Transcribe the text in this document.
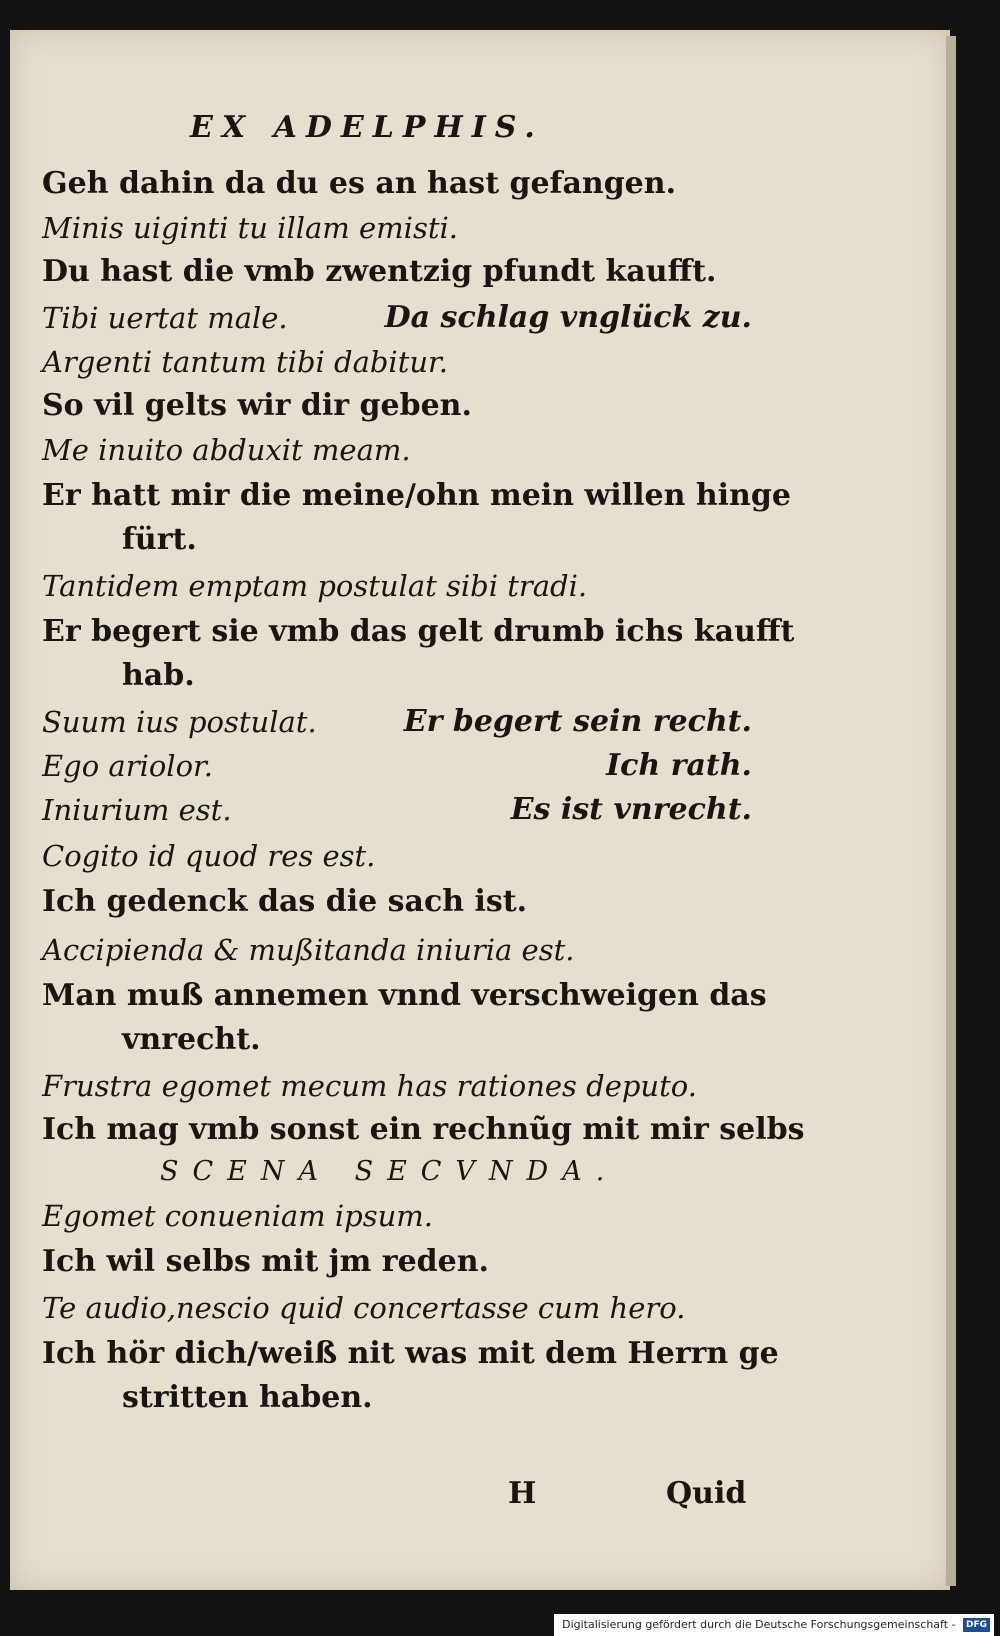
EX ADELPHIS.
Geh dahin da du es an hast gefangen.
Minis uiginti tu illam emisti.
Du hast die vmb zwentzig pfundt kaufft.
Tibi uertat male.	Da schlag vnglück zu.
Argenti tantum tibi dabitur.
So vil gelts wir dir geben.
Me inuito abduxit meam.
Er hatt mir die meine/ohn mein willen hinge
fürt.
Tantidem emptam postulat sibi tradi.
Er begert sie vmb das gelt drumb ichs kaufft
hab.
Suum ius postulat.	Er begert sein recht.
Ego ariolor.	Ich rath.
Iniurium est.	Es ist vnrecht.
Cogito id quod res est.
Ich gedenck das die sach ist.
Accipienda & mußitanda iniuria est.
Man muß annemen vnnd verschweigen das
vnrecht.
Frustra egomet mecum has rationes deputo.
Ich mag vmb sonst ein rechnũg mit mir selbs
SCENA SECVNDA.
Egomet conueniam ipsum.
Ich wil selbs mit jm reden.
Te audio,nescio quid concertasse cum hero.
Ich hör dich/weiß nit was mit dem Herrn ge
stritten haben.
H	Quid
Digitalisierung gefördert durch die Deutsche Forschungsgemeinschaft - DFG
